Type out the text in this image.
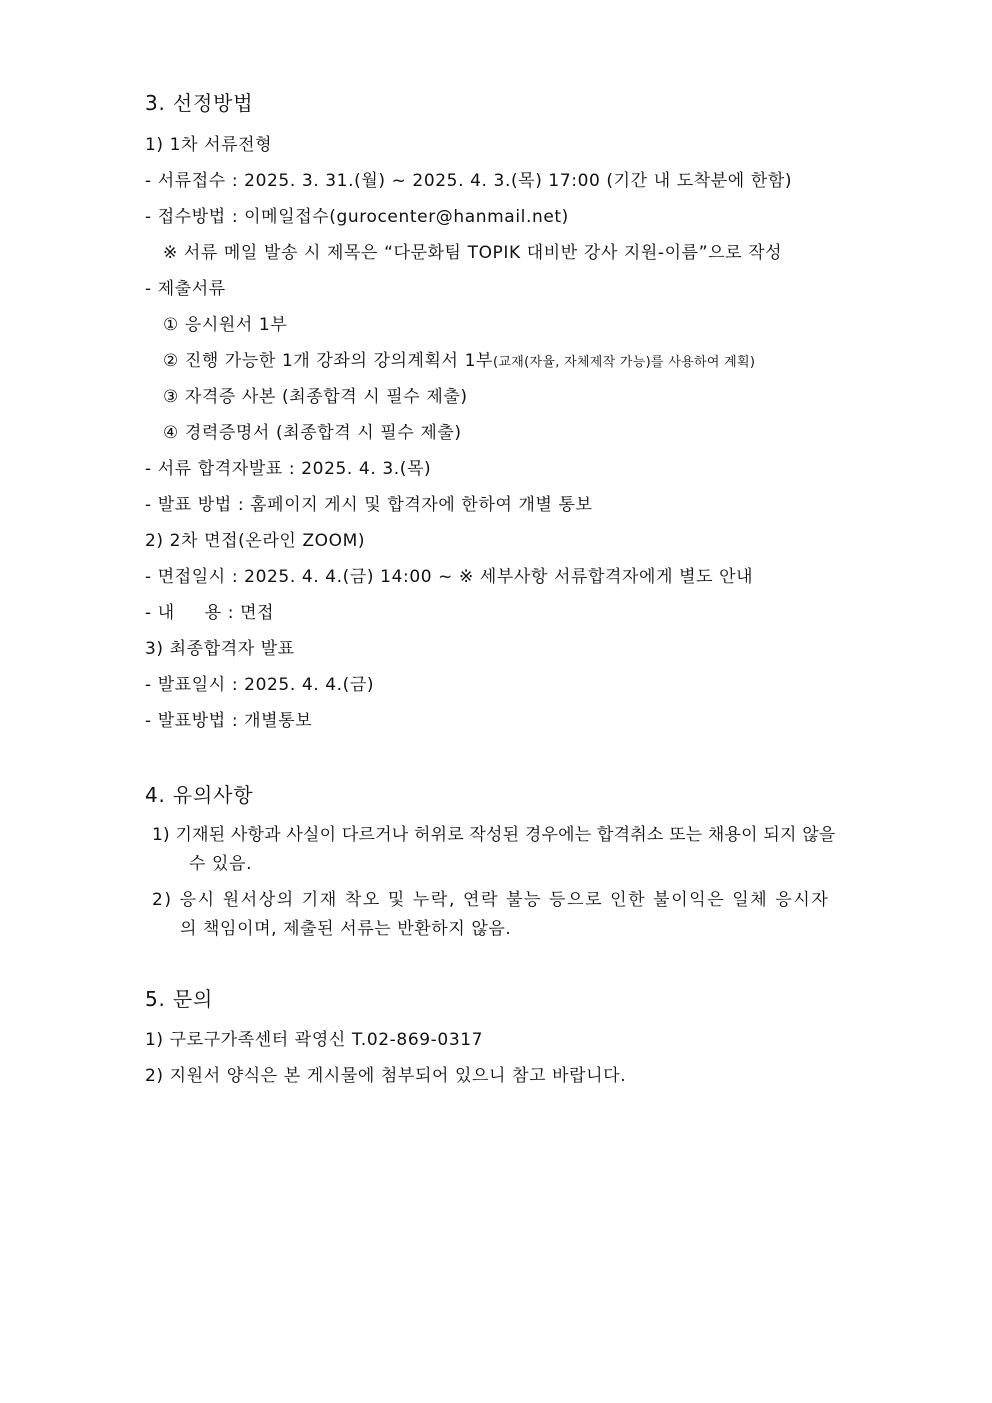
3. 선정방법
1) 1차 서류전형
- 서류접수 : 2025. 3. 31.(월) ~ 2025. 4. 3.(목) 17:00 (기간 내 도착분에 한함)
- 접수방법 : 이메일접수(gurocenter@hanmail.net)
※ 서류 메일 발송 시 제목은 “다문화팀 TOPIK 대비반 강사 지원-이름”으로 작성
- 제출서류
① 응시원서 1부
② 진행 가능한 1개 강좌의 강의계획서 1부(교재(자율, 자체제작 가능)를 사용하여 계획)
③ 자격증 사본 (최종합격 시 필수 제출)
④ 경력증명서 (최종합격 시 필수 제출)
- 서류 합격자발표 : 2025. 4. 3.(목)
- 발표 방법 : 홈페이지 게시 및 합격자에 한하여 개별 통보
2) 2차 면접(온라인 ZOOM)
- 면접일시 : 2025. 4. 4.(금) 14:00 ~ ※ 세부사항 서류합격자에게 별도 안내
- 내     용 : 면접
3) 최종합격자 발표
- 발표일시 : 2025. 4. 4.(금)
- 발표방법 : 개별통보
4. 유의사항
1) 기재된 사항과 사실이 다르거나 허위로 작성된 경우에는 합격취소 또는 채용이 되지 않을
수 있음.
2) 응시 원서상의 기재 착오 및 누락, 연락 불능 등으로 인한 불이익은 일체 응시자
의 책임이며, 제출된 서류는 반환하지 않음.
5. 문의
1) 구로구가족센터 곽영신 T.02-869-0317
2) 지원서 양식은 본 게시물에 첨부되어 있으니 참고 바랍니다.
